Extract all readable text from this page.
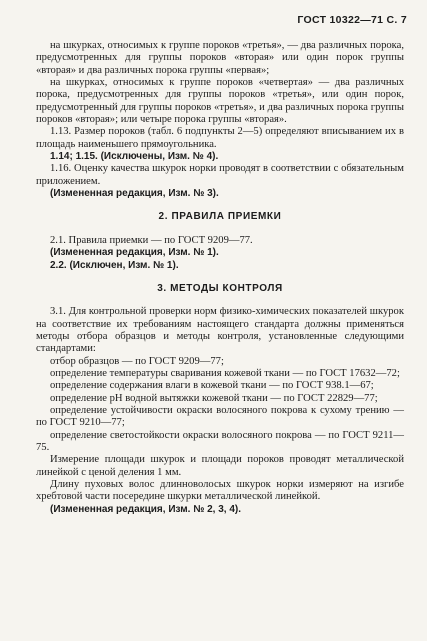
ГОСТ 10322—71 С. 7

на шкурках, относимых к группе пороков «третья», — два различных порока, предусмотренных для группы пороков «вторая» или один порок группы «вторая» и два различных порока группы «первая»;

на шкурках, относимых к группе пороков «четвертая» — два различных порока, предусмотренных для группы пороков «третья», или один порок, предусмотренный для группы пороков «третья», и два различных порока группы пороков «вторая»; или четыре порока группы «вторая».

1.13. Размер пороков (табл. 6 подпункты 2—5) определяют вписыванием их в площадь наименьшего прямоугольника.

1.14; 1.15. (Исключены, Изм. № 4).

1.16. Оценку качества шкурок норки проводят в соответствии с обязательным приложением.

(Измененная редакция, Изм. № 3).

2. ПРАВИЛА ПРИЕМКИ

2.1. Правила приемки — по ГОСТ 9209—77.

(Измененная редакция, Изм. № 1).

2.2. (Исключен, Изм. № 1).

3. МЕТОДЫ КОНТРОЛЯ

3.1. Для контрольной проверки норм физико-химических показателей шкурок на соответствие их требованиям настоящего стандарта должны применяться методы отбора образцов и методы контроля, установленные следующими стандартами:

отбор образцов — по ГОСТ 9209—77;

определение температуры сваривания кожевой ткани — по ГОСТ 17632—72;

определение содержания влаги в кожевой ткани — по ГОСТ 938.1—67;

определение pH водной вытяжки кожевой ткани — по ГОСТ 22829—77;

определение устойчивости окраски волосяного покрова к сухому трению — по ГОСТ 9210—77;

определение светостойкости окраски волосяного покрова — по ГОСТ 9211—75.

Измерение площади шкурок и площади пороков проводят металлической линейкой с ценой деления 1 мм.

Длину пуховых волос длинноволосых шкурок норки измеряют на изгибе хребтовой части посередине шкурки металлической линейкой.

(Измененная редакция, Изм. № 2, 3, 4).
